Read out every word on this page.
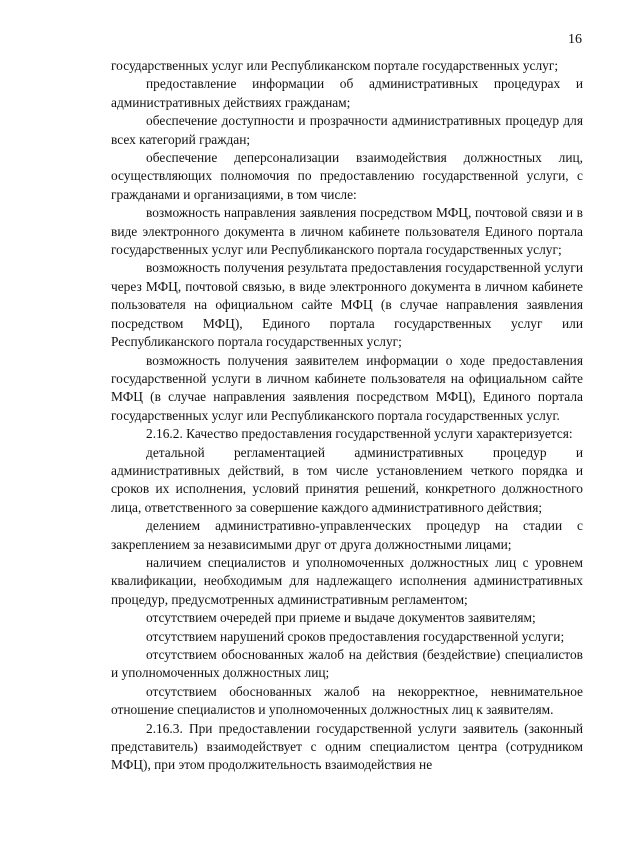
16

государственных услуг или Республиканском портале государственных услуг;

предоставление информации об административных процедурах и административных действиях гражданам;

обеспечение доступности и прозрачности административных процедур для всех категорий граждан;

обеспечение деперсонализации взаимодействия должностных лиц, осуществляющих полномочия по предоставлению государственной услуги, с гражданами и организациями, в том числе:

возможность направления заявления посредством МФЦ, почтовой связи и в виде электронного документа в личном кабинете пользователя Единого портала государственных услуг или Республиканского портала государственных услуг;

возможность получения результата предоставления государственной услуги через МФЦ, почтовой связью, в виде электронного документа в личном кабинете пользователя на официальном сайте МФЦ (в случае направления заявления посредством МФЦ), Единого портала государственных услуг или Республиканского портала государственных услуг;

возможность получения заявителем информации о ходе предоставления государственной услуги в личном кабинете пользователя на официальном сайте МФЦ (в случае направления заявления посредством МФЦ), Единого портала государственных услуг или Республиканского портала государственных услуг.

2.16.2. Качество предоставления государственной услуги характеризуется:

детальной регламентацией административных процедур и административных действий, в том числе установлением четкого порядка и сроков их исполнения, условий принятия решений, конкретного должностного лица, ответственного за совершение каждого административного действия;

делением административно-управленческих процедур на стадии с закреплением за независимыми друг от друга должностными лицами;

наличием специалистов и уполномоченных должностных лиц с уровнем квалификации, необходимым для надлежащего исполнения административных процедур, предусмотренных административным регламентом;

отсутствием очередей при приеме и выдаче документов заявителям;

отсутствием нарушений сроков предоставления государственной услуги;

отсутствием обоснованных жалоб на действия (бездействие) специалистов и уполномоченных должностных лиц;

отсутствием обоснованных жалоб на некорректное, невнимательное отношение специалистов и уполномоченных должностных лиц к заявителям.

2.16.3. При предоставлении государственной услуги заявитель (законный представитель) взаимодействует с одним специалистом центра (сотрудником МФЦ), при этом продолжительность взаимодействия не
